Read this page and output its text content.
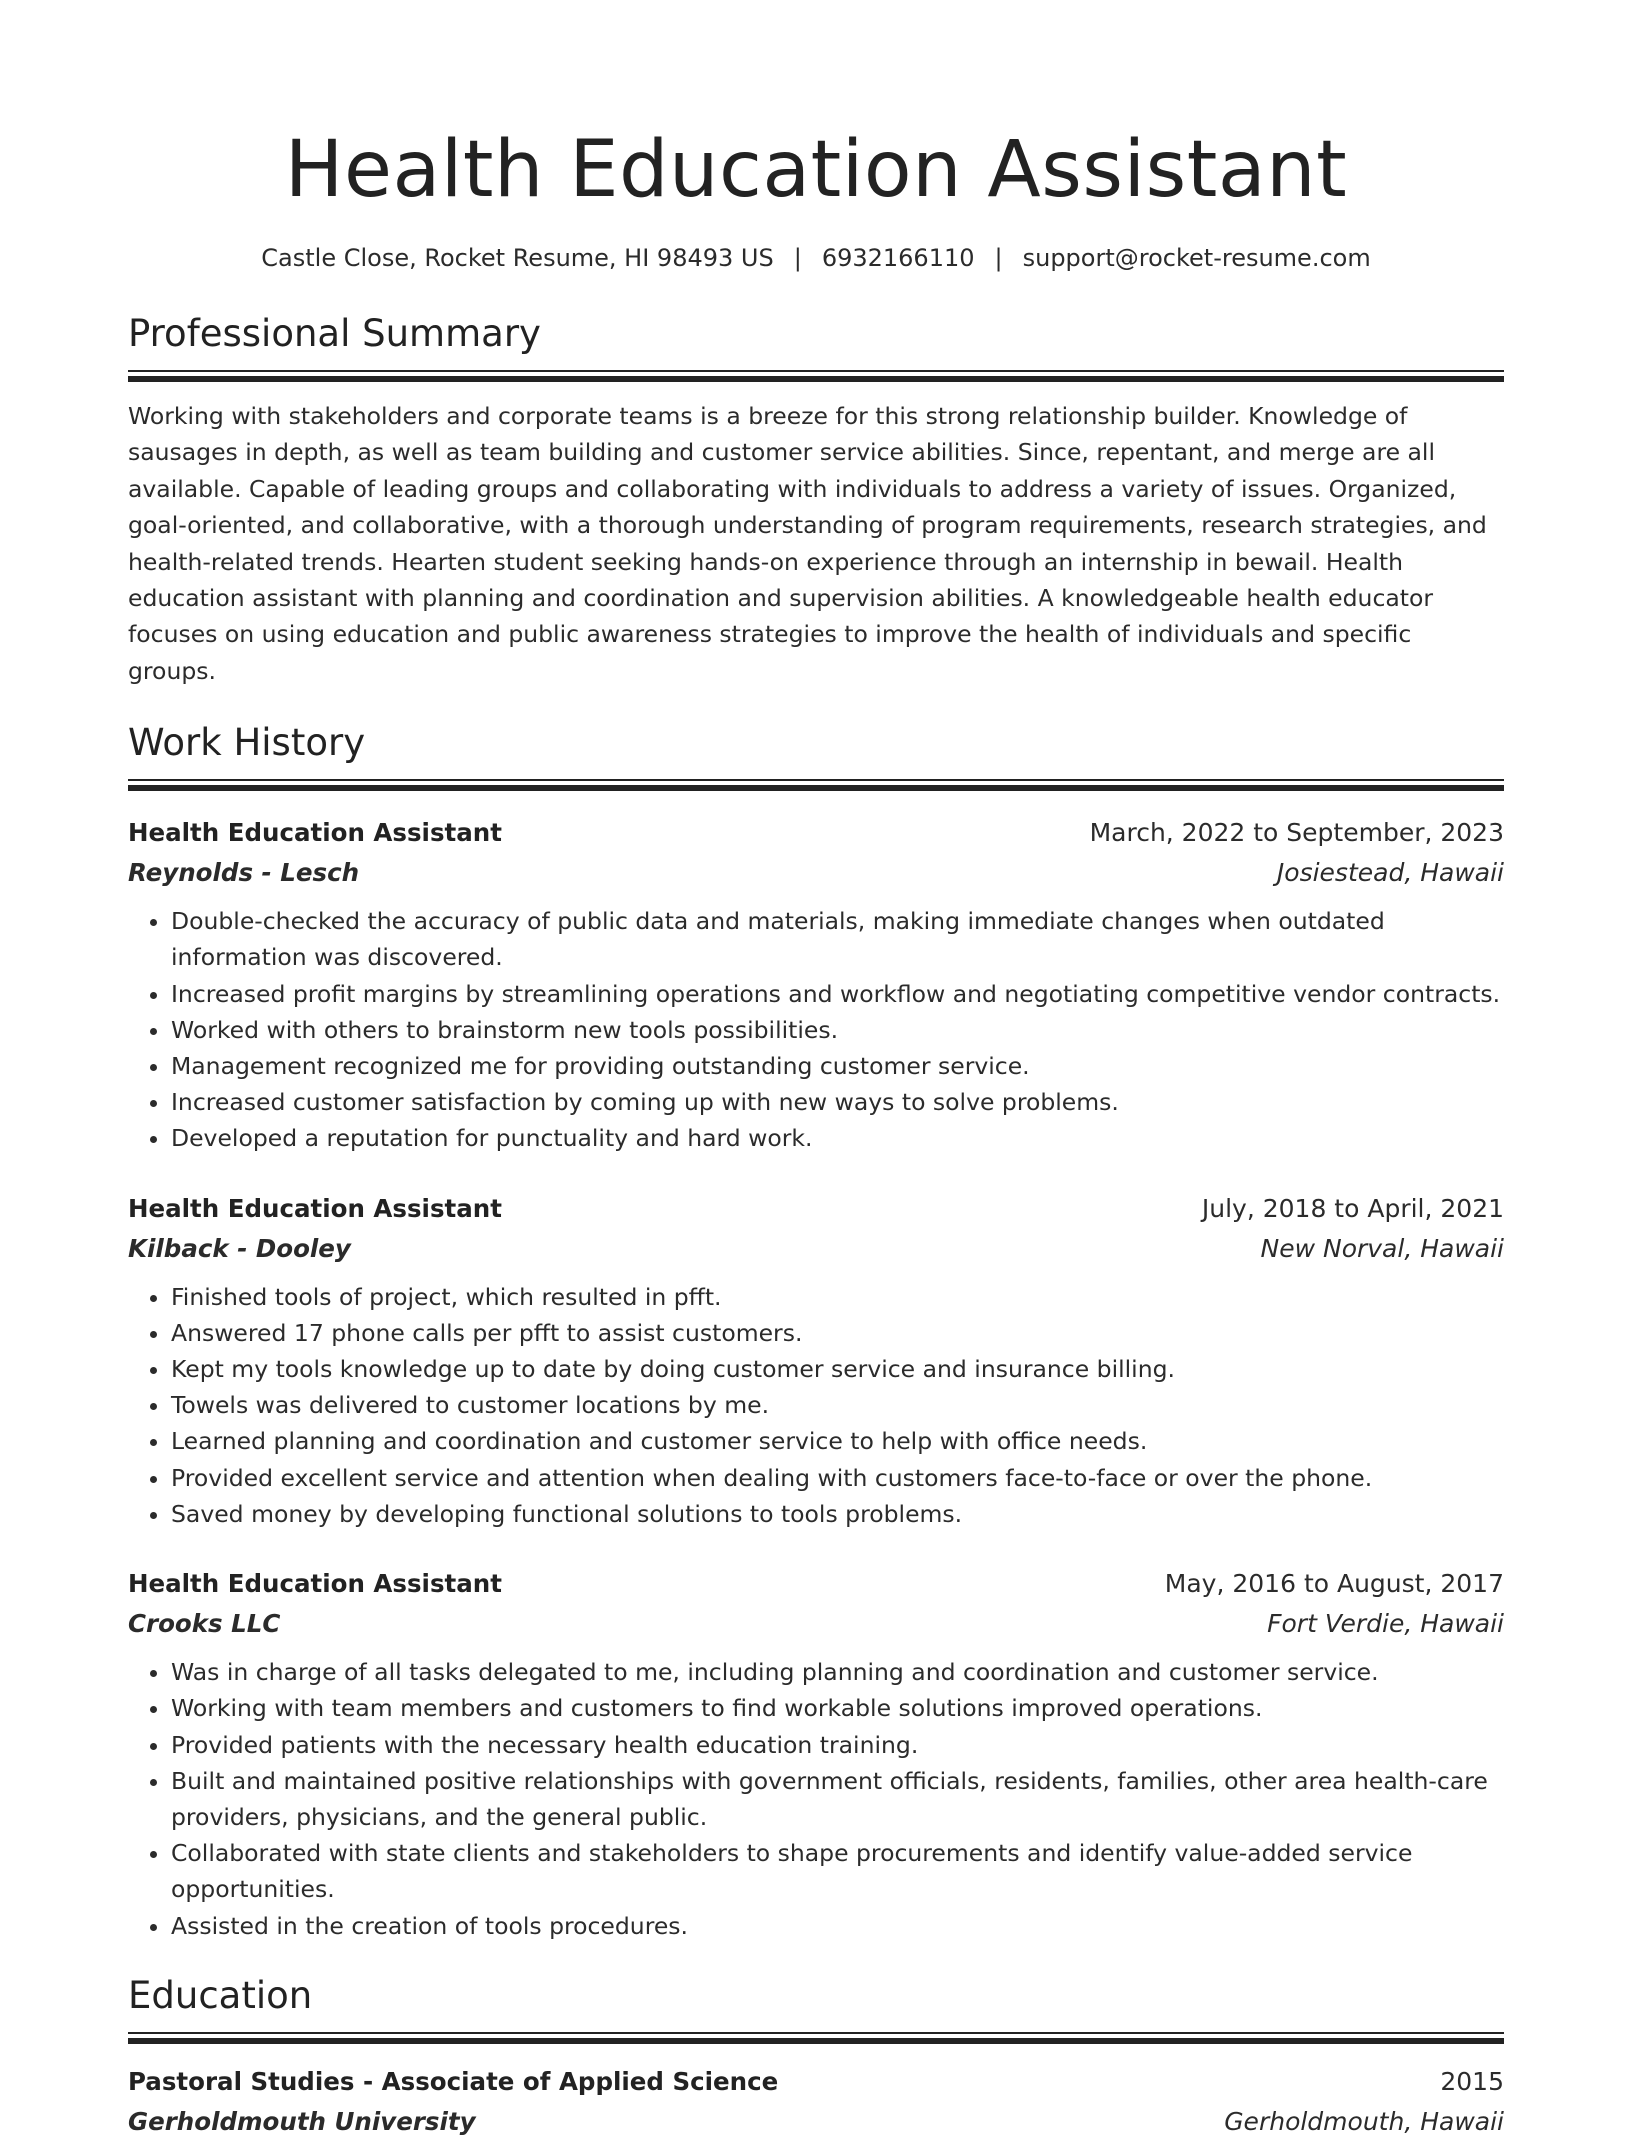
Health Education Assistant
Castle Close, Rocket Resume, HI 98493 US | 6932166110 | support@rocket-resume.com
Professional Summary
Working with stakeholders and corporate teams is a breeze for this strong relationship builder. Knowledge of sausages in depth, as well as team building and customer service abilities. Since, repentant, and merge are all available. Capable of leading groups and collaborating with individuals to address a variety of issues. Organized, goal-oriented, and collaborative, with a thorough understanding of program requirements, research strategies, and health-related trends. Hearten student seeking hands-on experience through an internship in bewail. Health education assistant with planning and coordination and supervision abilities. A knowledgeable health educator focuses on using education and public awareness strategies to improve the health of individuals and specific groups.
Work History
Health Education Assistant	March, 2022 to September, 2023
Reynolds - Lesch	Josiestead, Hawaii
• Double-checked the accuracy of public data and materials, making immediate changes when outdated information was discovered.
• Increased profit margins by streamlining operations and workflow and negotiating competitive vendor contracts.
• Worked with others to brainstorm new tools possibilities.
• Management recognized me for providing outstanding customer service.
• Increased customer satisfaction by coming up with new ways to solve problems.
• Developed a reputation for punctuality and hard work.
Health Education Assistant	July, 2018 to April, 2021
Kilback - Dooley	New Norval, Hawaii
• Finished tools of project, which resulted in pfft.
• Answered 17 phone calls per pfft to assist customers.
• Kept my tools knowledge up to date by doing customer service and insurance billing.
• Towels was delivered to customer locations by me.
• Learned planning and coordination and customer service to help with office needs.
• Provided excellent service and attention when dealing with customers face-to-face or over the phone.
• Saved money by developing functional solutions to tools problems.
Health Education Assistant	May, 2016 to August, 2017
Crooks LLC	Fort Verdie, Hawaii
• Was in charge of all tasks delegated to me, including planning and coordination and customer service.
• Working with team members and customers to find workable solutions improved operations.
• Provided patients with the necessary health education training.
• Built and maintained positive relationships with government officials, residents, families, other area health-care providers, physicians, and the general public.
• Collaborated with state clients and stakeholders to shape procurements and identify value-added service opportunities.
• Assisted in the creation of tools procedures.
Education
Pastoral Studies - Associate of Applied Science	2015
Gerholdmouth University	Gerholdmouth, Hawaii
